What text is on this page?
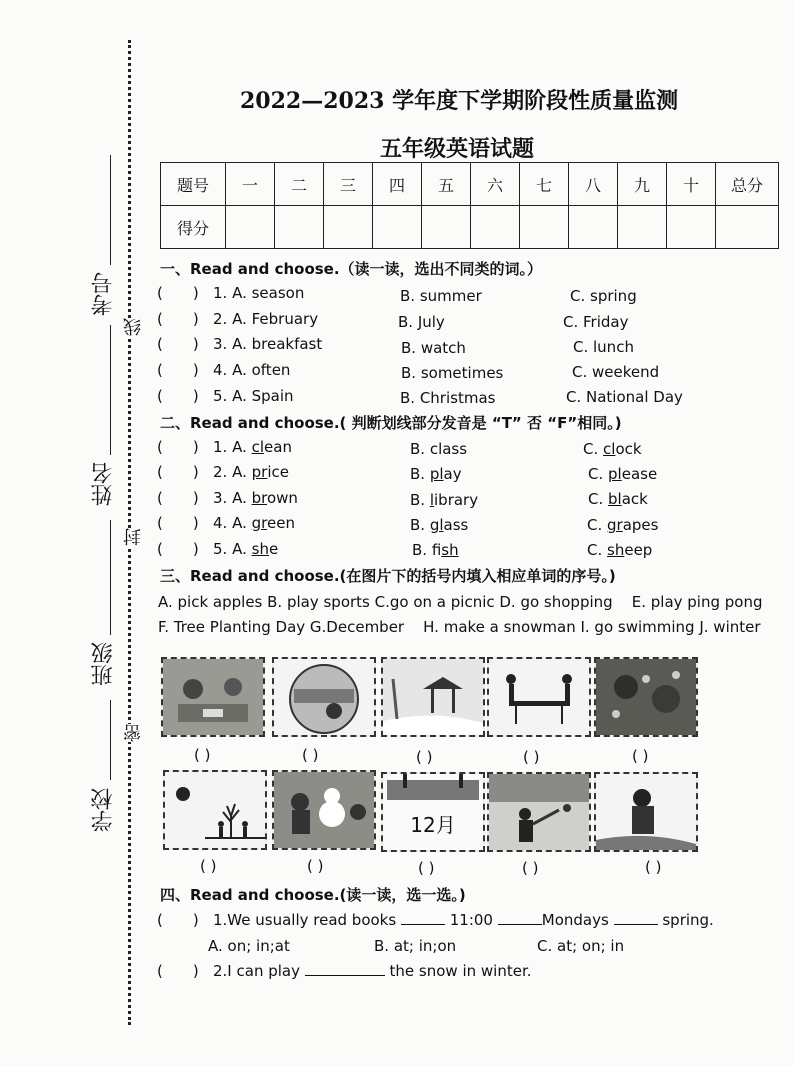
考号
姓名
班级
学校
线
封
密
2022—2023 学年度下学期阶段性质量监测
五年级英语试题
题号	一	二	三	四	五	六	七	八	九	十	总分
得分											
一、Read and choose.（读一读，选出不同类的词。）
( ) 1. A. season	B. summer	C. spring
( ) 2. A. February	B. July	C. Friday
( ) 3. A. breakfast	B. watch	C. lunch
( ) 4. A. often	B. sometimes	C. weekend
( ) 5. A. Spain	B. Christmas	C. National Day
二、Read and choose.( 判断划线部分发音是 “T” 否 “F”相同。)
( ) 1. A. clean	B. class	C. clock
( ) 2. A. price	B. play	C. please
( ) 3. A. brown	B. library	C. black
( ) 4. A. green	B. glass	C. grapes
( ) 5. A. she	B. fish	C. sheep
三、Read and choose.(在图片下的括号内填入相应单词的序号。)
A. pick apples B. play sports C.go on a picnic D. go shopping    E. play ping pong
F. Tree Planting Day G.December    H. make a snowman I. go swimming J. winter
( )	( )	( )	( )	( )
12月
( )	( )	( )	( )	( )
四、Read and choose.(读一读，选一选。)
( ) 1.We usually read books	11:00	Mondays	spring.
A. on; in;at	B. at; in;on	C. at; on; in
( ) 2.I can play	the snow in winter.
